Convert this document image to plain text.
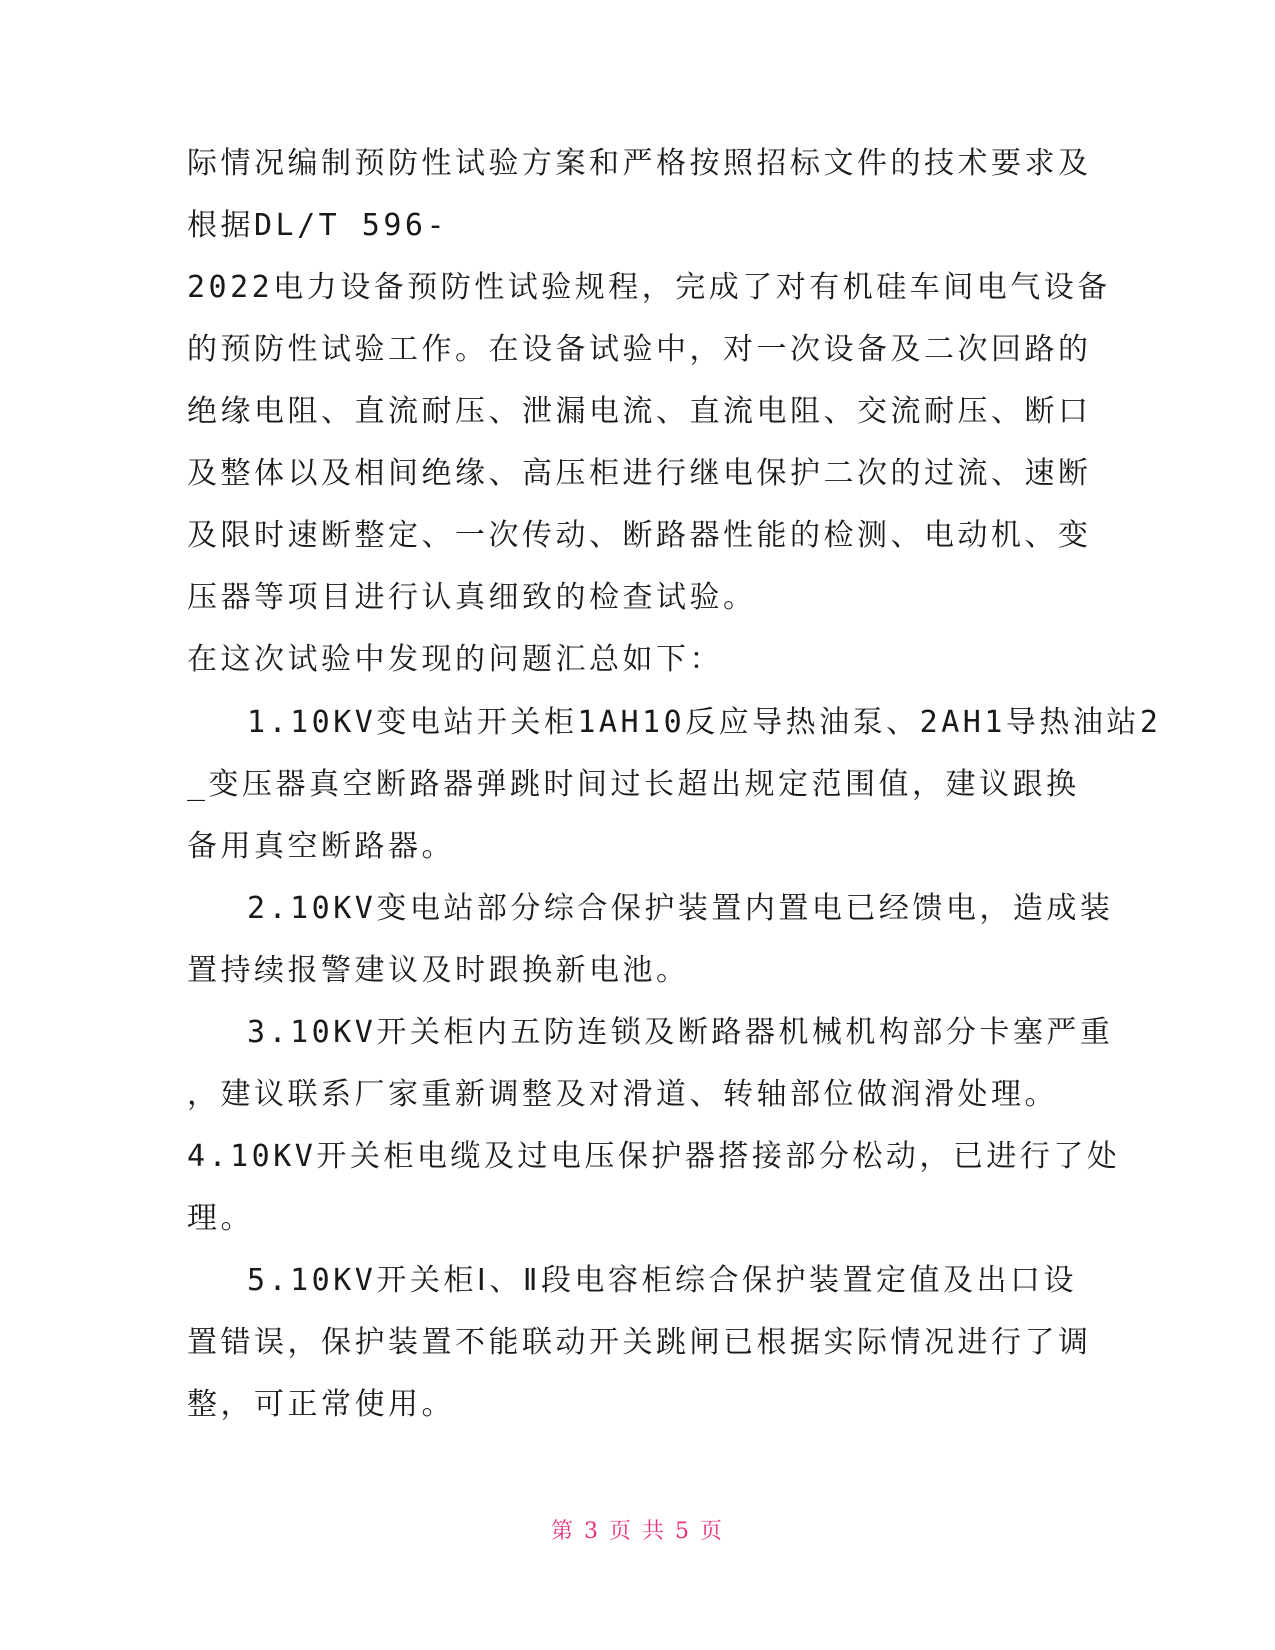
际情况编制预防性试验方案和严格按照招标文件的技术要求及
根据DL/T 596-
2022电力设备预防性试验规程，完成了对有机硅车间电气设备
的预防性试验工作。在设备试验中，对一次设备及二次回路的
绝缘电阻、直流耐压、泄漏电流、直流电阻、交流耐压、断口
及整体以及相间绝缘、高压柜进行继电保护二次的过流、速断
及限时速断整定、一次传动、断路器性能的检测、电动机、变
压器等项目进行认真细致的检查试验。
在这次试验中发现的问题汇总如下：
1.10KV变电站开关柜1AH10反应导热油泵、2AH1导热油站2
_变压器真空断路器弹跳时间过长超出规定范围值，建议跟换
备用真空断路器。
2.10KV变电站部分综合保护装置内置电已经馈电，造成装
置持续报警建议及时跟换新电池。
3.10KV开关柜内五防连锁及断路器机械机构部分卡塞严重
，建议联系厂家重新调整及对滑道、转轴部位做润滑处理。
4.10KV开关柜电缆及过电压保护器搭接部分松动，已进行了处
理。
5.10KV开关柜Ⅰ、Ⅱ段电容柜综合保护装置定值及出口设
置错误，保护装置不能联动开关跳闸已根据实际情况进行了调
整，可正常使用。
第 3 页 共 5 页
